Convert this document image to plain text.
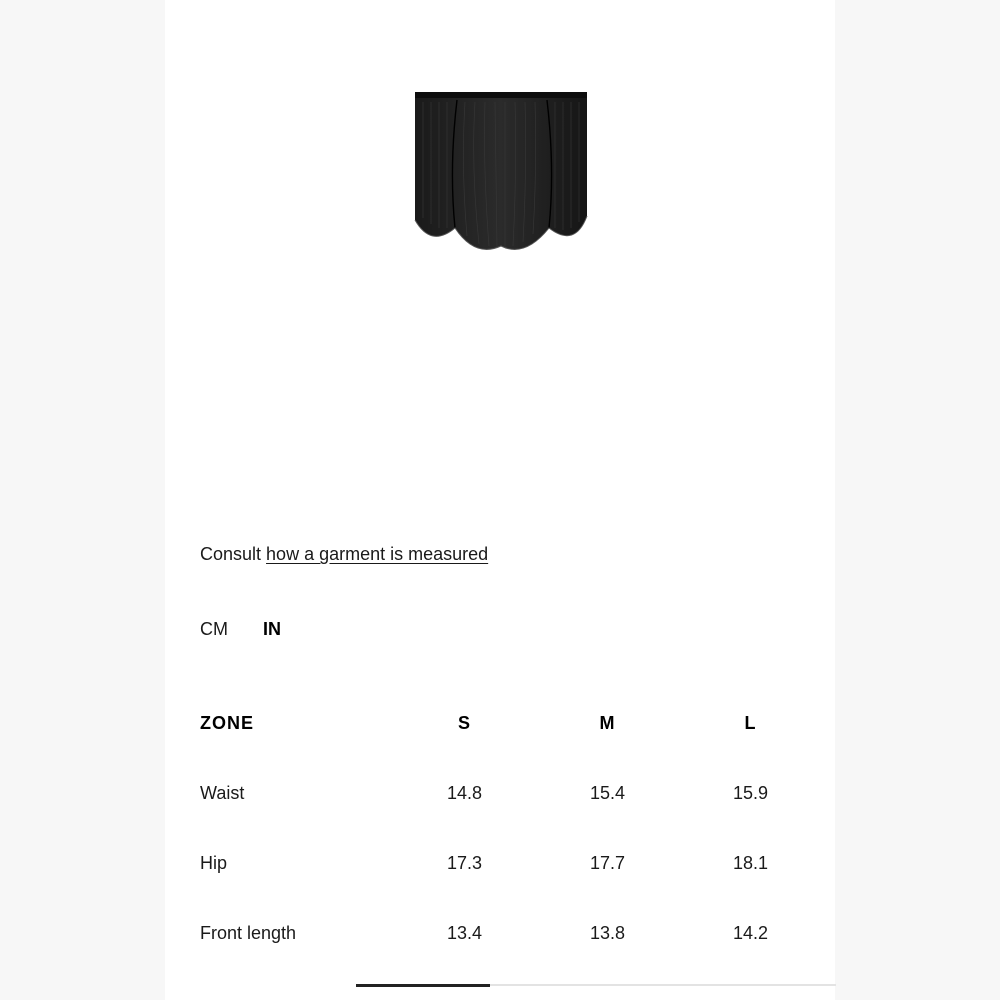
Consult how a garment is measured
CM IN
ZONE	S	M	L
Waist	14.8	15.4	15.9
Hip	17.3	17.7	18.1
Front length	13.4	13.8	14.2
